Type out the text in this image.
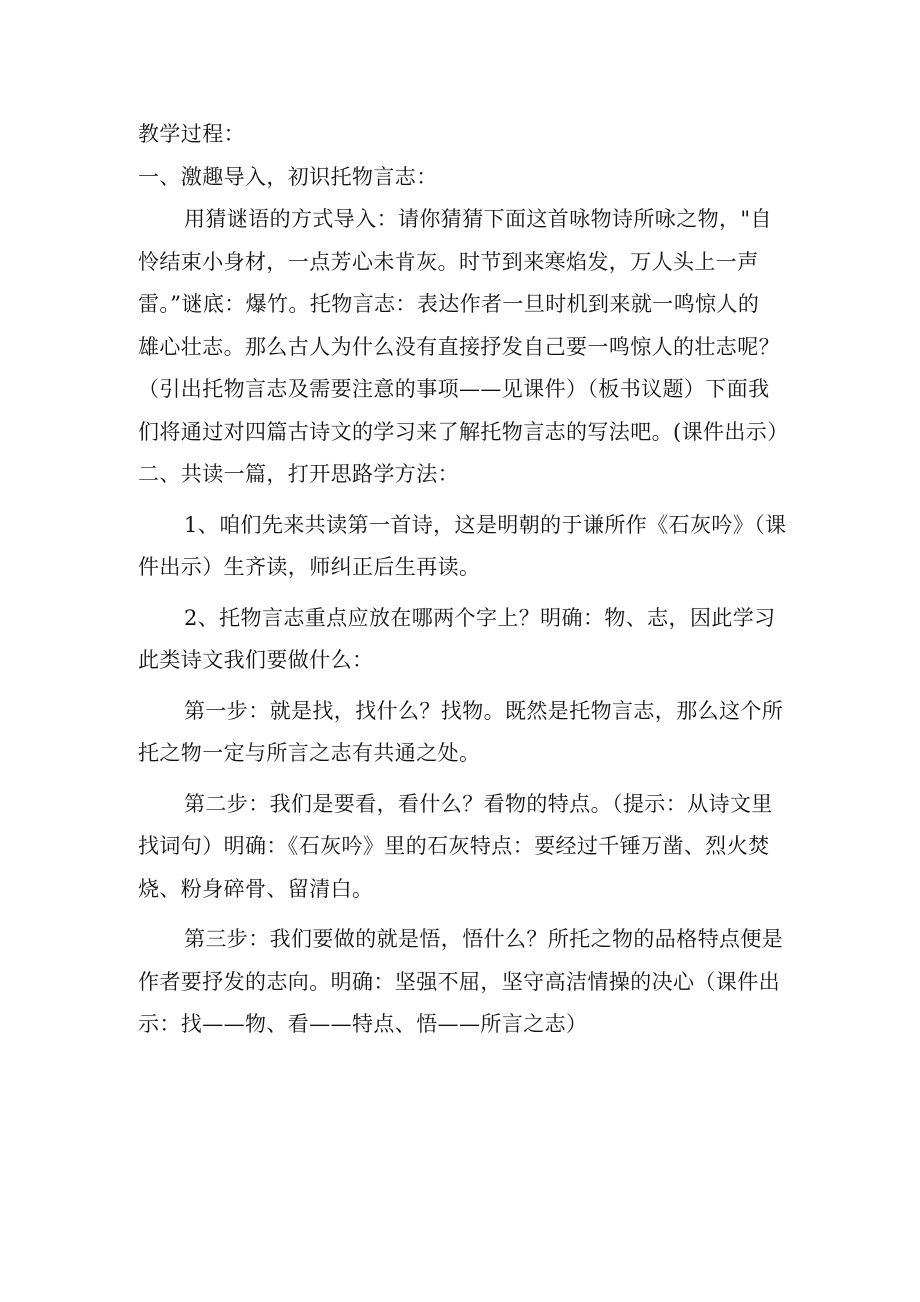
教学过程：
一、激趣导入，初识托物言志：
用猜谜语的方式导入：请你猜猜下面这首咏物诗所咏之物，"自
怜结束小身材，一点芳心未肯灰。时节到来寒焰发，万人头上一声
雷。”谜底：爆竹。托物言志：表达作者一旦时机到来就一鸣惊人的
雄心壮志。那么古人为什么没有直接抒发自己要一鸣惊人的壮志呢？
（引出托物言志及需要注意的事项——见课件）（板书议题）下面我
们将通过对四篇古诗文的学习来了解托物言志的写法吧。(课件出示）
二、共读一篇，打开思路学方法：
1、咱们先来共读第一首诗，这是明朝的于谦所作《石灰吟》（课
件出示）生齐读，师纠正后生再读。
2、托物言志重点应放在哪两个字上？明确：物、志，因此学习
此类诗文我们要做什么：
第一步：就是找，找什么？找物。既然是托物言志，那么这个所
托之物一定与所言之志有共通之处。
第二步：我们是要看，看什么？看物的特点。（提示：从诗文里
找词句）明确：《石灰吟》里的石灰特点：要经过千锤万凿、烈火焚
烧、粉身碎骨、留清白。
第三步：我们要做的就是悟，悟什么？所托之物的品格特点便是
作者要抒发的志向。明确：坚强不屈，坚守高洁情操的决心（课件出
示：找——物、看——特点、悟——所言之志）
